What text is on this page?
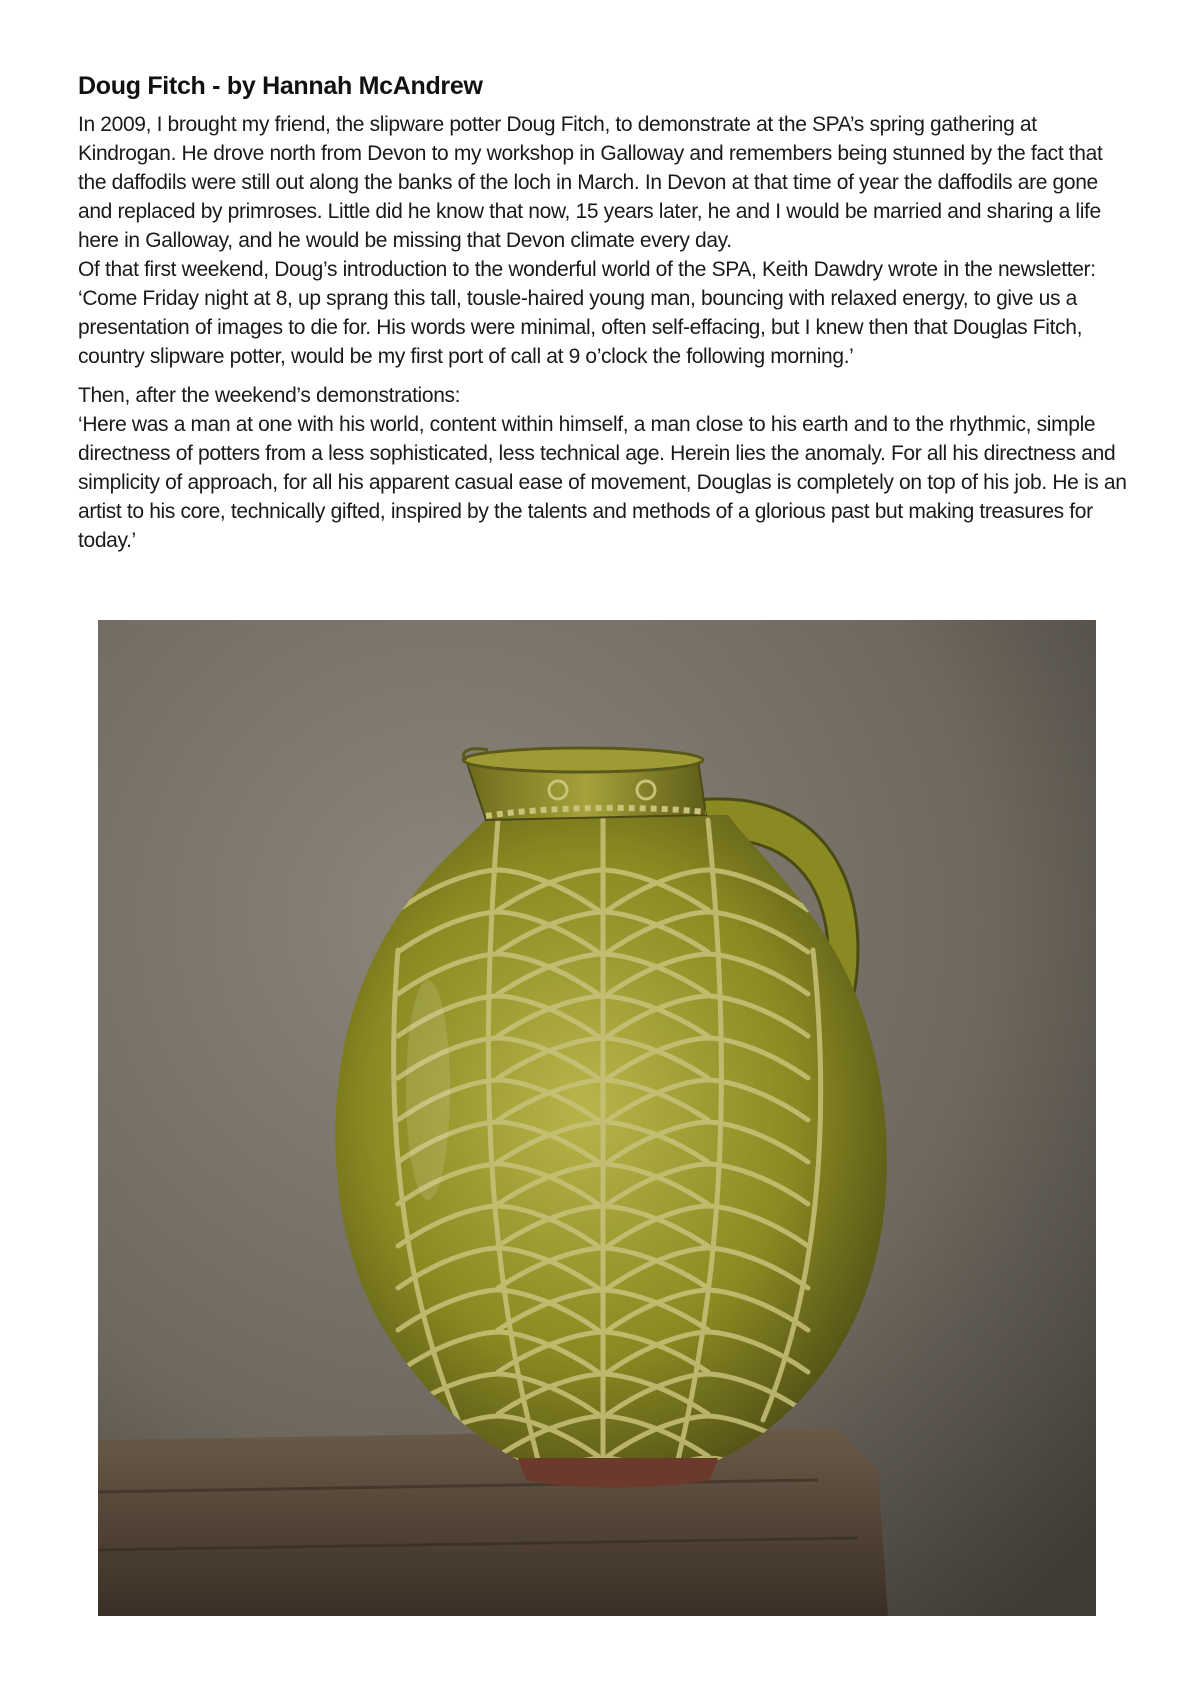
Doug Fitch - by Hannah McAndrew

In 2009, I brought my friend, the slipware potter Doug Fitch, to demonstrate at the SPA’s spring gathering at Kindrogan. He drove north from Devon to my workshop in Galloway and remembers being stunned by the fact that the daffodils were still out along the banks of the loch in March. In Devon at that time of year the daffodils are gone and replaced by primroses. Little did he know that now, 15 years later, he and I would be married and sharing a life here in Galloway, and he would be missing that Devon climate every day.

Of that first weekend, Doug’s introduction to the wonderful world of the SPA, Keith Dawdry wrote in the newsletter:

‘Come Friday night at 8, up sprang this tall, tousle-haired young man, bouncing with relaxed energy, to give us a presentation of images to die for. His words were minimal, often self-effacing, but I knew then that Douglas Fitch, country slipware potter, would be my first port of call at 9 o’clock the following morning.’

Then, after the weekend’s demonstrations:

‘Here was a man at one with his world, content within himself, a man close to his earth and to the rhythmic, simple directness of potters from a less sophisticated, less technical age. Herein lies the anomaly. For all his directness and simplicity of approach, for all his apparent casual ease of movement, Douglas is completely on top of his job. He is an artist to his core, technically gifted, inspired by the talents and methods of a glorious past but making treasures for today.’
